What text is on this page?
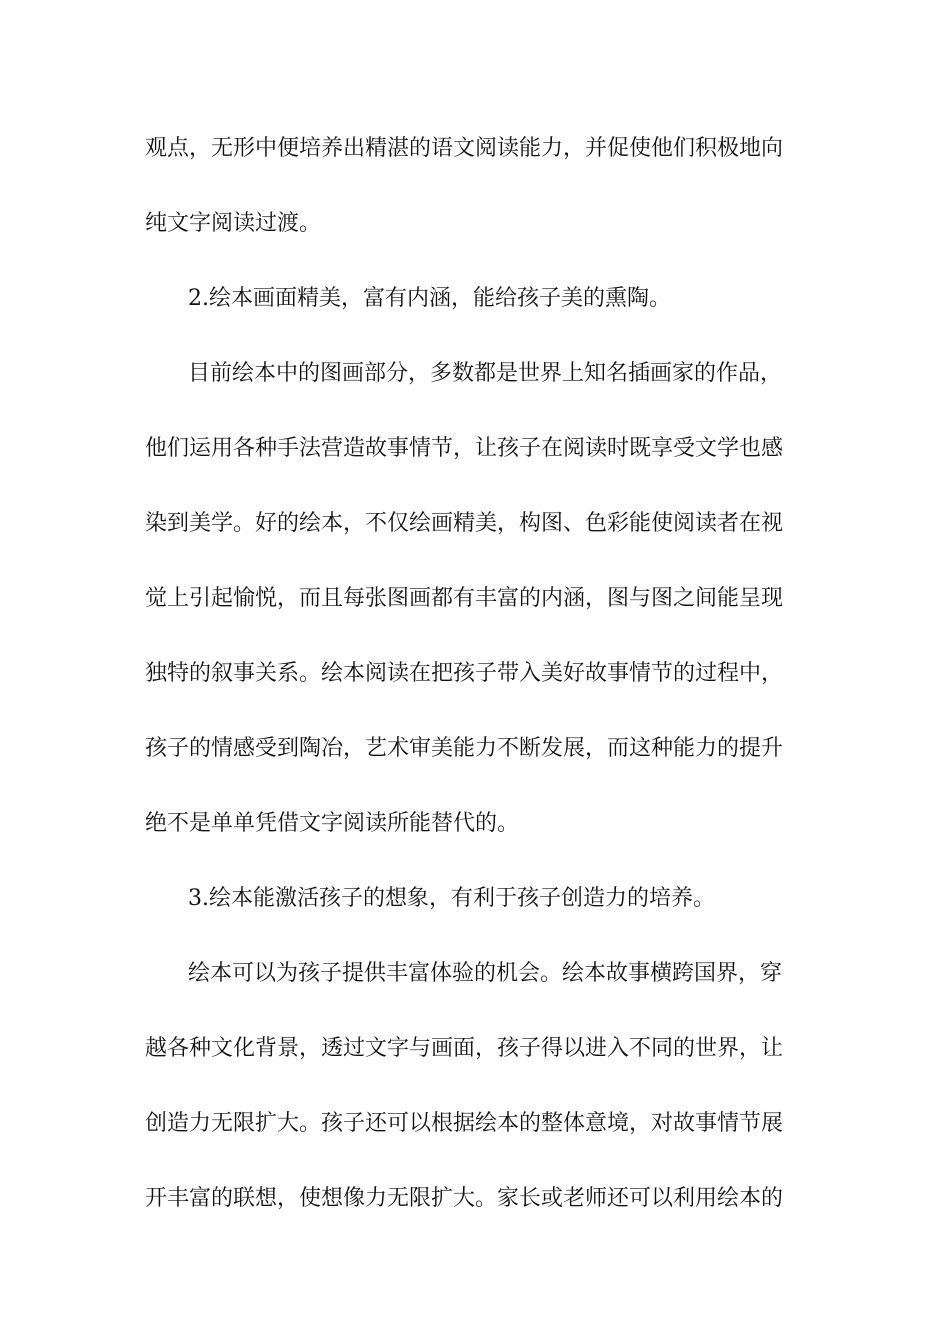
观点，无形中便培养出精湛的语文阅读能力，并促使他们积极地向
纯文字阅读过渡。
2.绘本画面精美，富有内涵，能给孩子美的熏陶。
目前绘本中的图画部分，多数都是世界上知名插画家的作品，
他们运用各种手法营造故事情节，让孩子在阅读时既享受文学也感
染到美学。好的绘本，不仅绘画精美，构图、色彩能使阅读者在视
觉上引起愉悦，而且每张图画都有丰富的内涵，图与图之间能呈现
独特的叙事关系。绘本阅读在把孩子带入美好故事情节的过程中，
孩子的情感受到陶冶，艺术审美能力不断发展，而这种能力的提升
绝不是单单凭借文字阅读所能替代的。
3.绘本能激活孩子的想象，有利于孩子创造力的培养。
绘本可以为孩子提供丰富体验的机会。绘本故事横跨国界，穿
越各种文化背景，透过文字与画面，孩子得以进入不同的世界，让
创造力无限扩大。孩子还可以根据绘本的整体意境，对故事情节展
开丰富的联想，使想像力无限扩大。家长或老师还可以利用绘本的
